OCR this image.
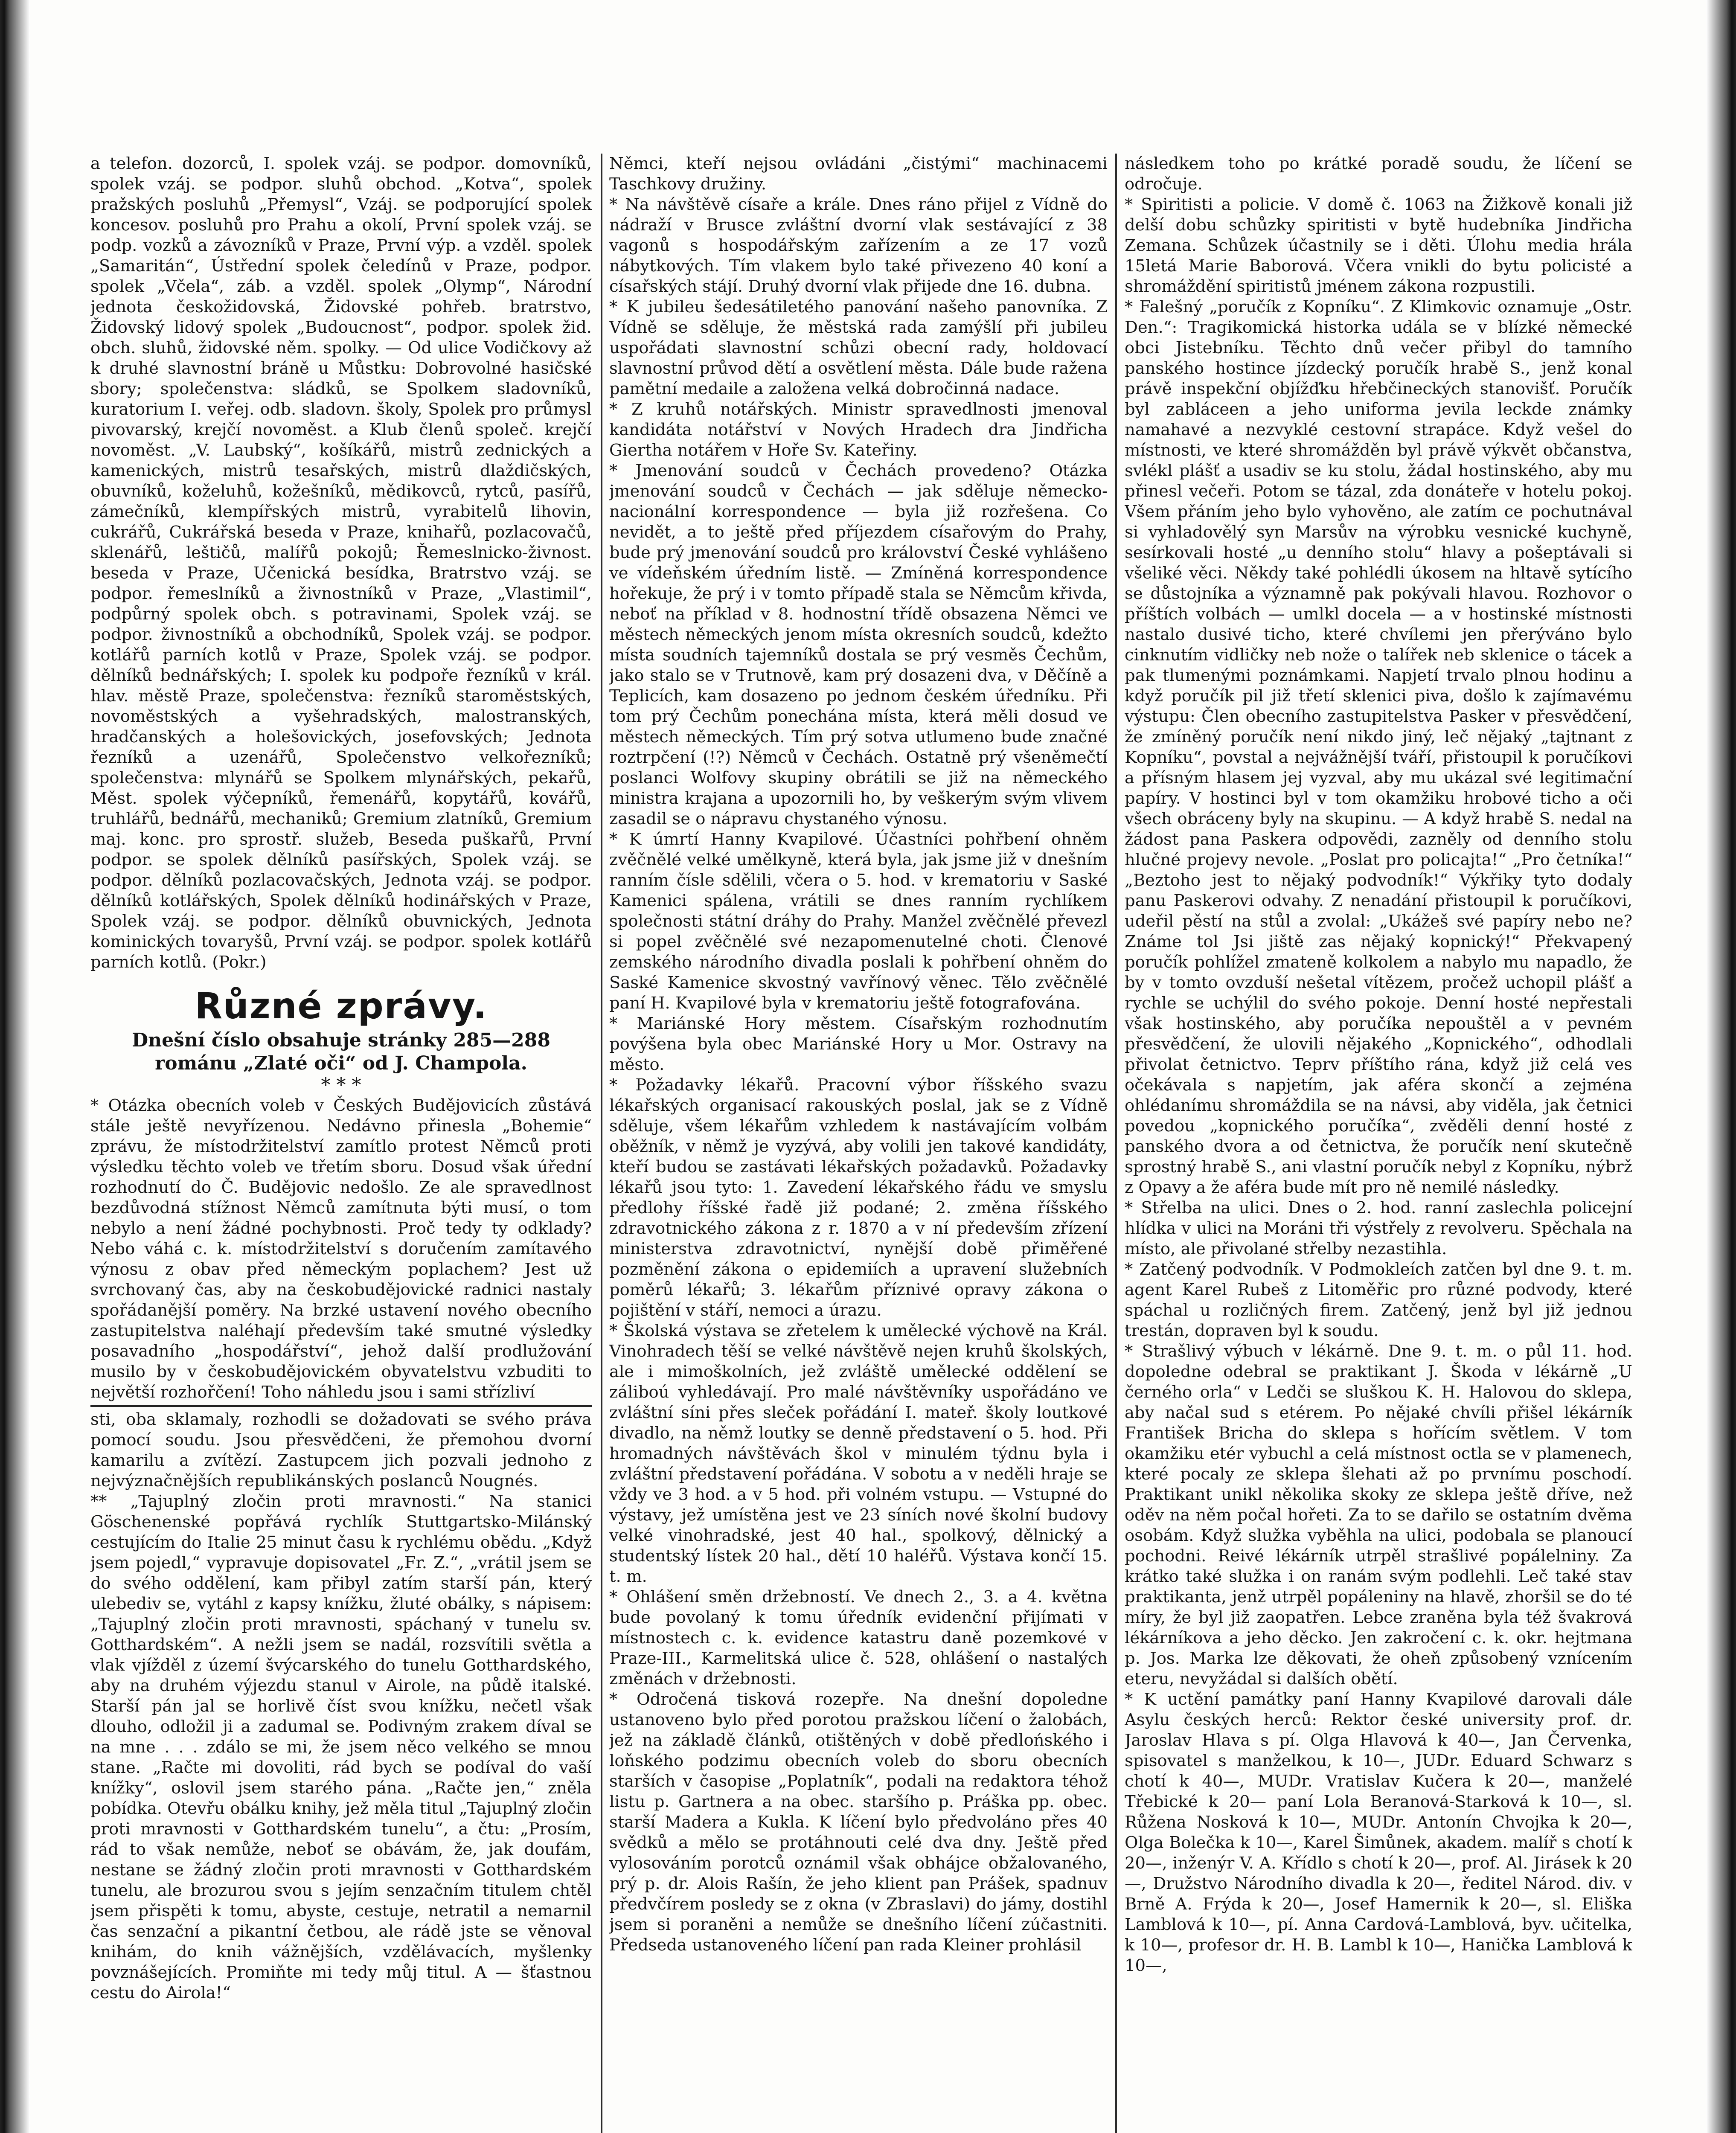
a telefon. dozorců, I. spolek vzáj. se podpor. domovníků, spolek vzáj. se podpor. sluhů obchod. „Kotva“, spolek pražských posluhů „Přemysl“, Vzáj. se podporující spolek koncesov. posluhů pro Prahu a okolí, První spolek vzáj. se podp. vozků a závozníků v Praze, První výp. a vzděl. spolek „Samaritán“, Ústřední spolek čeledínů v Praze, podpor. spolek „Včela“, záb. a vzděl. spolek „Olymp“, Národní jednota českožidovská, Židovské pohřeb. bratrstvo, Židovský lidový spolek „Budoucnost“, podpor. spolek žid. obch. sluhů, židovské něm. spolky. — Od ulice Vodičkovy až k druhé slavnostní bráně u Můstku: Dobrovolné hasičské sbory; společenstva: sládků, se Spolkem sladovníků, kuratorium I. veřej. odb. sladovn. školy, Spolek pro průmysl pivovarský, krejčí novoměst. a Klub členů společ. krejčí novoměst. „V. Laubský“, košíkářů, mistrů zednických a kamenických, mistrů tesařských, mistrů dlaždičských, obuvníků, koželuhů, kožešníků, mědikovců, rytců, pasířů, zámečníků, klempířských mistrů, vyrabitelů lihovin, cukrářů, Cukrářská beseda v Praze, knihařů, pozlacovačů, sklenářů, leštičů, malířů pokojů; Řemeslnicko-živnost. beseda v Praze, Učenická besídka, Bratrstvo vzáj. se podpor. řemeslníků a živnostníků v Praze, „Vlastimil“, podpůrný spolek obch. s potravinami, Spolek vzáj. se podpor. živnostníků a obchodníků, Spolek vzáj. se podpor. kotlářů parních kotlů v Praze, Spolek vzáj. se podpor. dělníků bednářských; I. spolek ku podpoře řezníků v král. hlav. městě Praze, společenstva: řezníků staroměstských, novoměstských a vyšehradských, malostranských, hradčanských a holešovických, josefovských; Jednota řezníků a uzenářů, Společenstvo velkořezníků; společenstva: mlynářů se Spolkem mlynářských, pekařů, Měst. spolek výčepníků, řemenářů, kopytářů, kovářů, truhlářů, bednářů, mechaniků; Gremium zlatníků, Gremium maj. konc. pro sprostř. služeb, Beseda puškařů, První podpor. se spolek dělníků pasířských, Spolek vzáj. se podpor. dělníků pozlacovačských, Jednota vzáj. se podpor. dělníků kotlářských, Spolek dělníků hodinářských v Praze, Spolek vzáj. se podpor. dělníků obuvnických, Jednota kominických tovaryšů, První vzáj. se podpor. spolek kotlářů parních kotlů. (Pokr.)

Různé zprávy.

Dnešní číslo obsahuje stránky 285—288 románu „Zlaté oči“ od J. Champola.

* * *

* Otázka obecních voleb v Českých Budějovicích zůstává stále ještě nevyřízenou. Nedávno přinesla „Bohemie“ zprávu, že místodržitelství zamítlo protest Němců proti výsledku těchto voleb ve třetím sboru. Dosud však úřední rozhodnutí do Č. Budějovic nedošlo. Ze ale spravedlnost bezdůvodná stížnost Němců zamítnuta býti musí, o tom nebylo a není žádné pochybnosti. Proč tedy ty odklady? Nebo váhá c. k. místodržitelství s doručením zamítavého výnosu z obav před německým poplachem? Jest už svrchovaný čas, aby na českobudějovické radnici nastaly spořádanější poměry. Na brzké ustavení nového obecního zastupitelstva naléhají především také smutné výsledky posavadního „hospodářství“, jehož další prodlužování musilo by v českobudějovickém obyvatelstvu vzbuditi to největší rozhořčení! Toho náhledu jsou i sami střízliví

sti, oba sklamaly, rozhodli se dožadovati se svého práva pomocí soudu. Jsou přesvědčeni, že přemohou dvorní kamarilu a zvítězí. Zastupcem jich pozvali jednoho z nejvýznačnějších republikánských poslanců Nougnés.

** „Tajuplný zločin proti mravnosti.“ Na stanici Göschenenské popřává rychlík Stuttgartsko-Milánský cestujícím do Italie 25 minut času k rychlému obědu. „Když jsem pojedl,“ vypravuje dopisovatel „Fr. Z.“, „vrátil jsem se do svého oddělení, kam přibyl zatím starší pán, který ulebediv se, vytáhl z kapsy knížku, žluté obálky, s nápisem: „Tajuplný zločin proti mravnosti, spáchaný v tunelu sv. Gotthardském“. A nežli jsem se nadál, rozsvítili světla a vlak vjížděl z území švýcarského do tunelu Gotthardského, aby na druhém výjezdu stanul v Airole, na půdě italské. Starší pán jal se horlivě číst svou knížku, nečetl však dlouho, odložil ji a zadumal se. Podivným zrakem díval se na mne . . . zdálo se mi, že jsem něco velkého se mnou stane. „Račte mi dovoliti, rád bych se podíval do vaší knížky“, oslovil jsem starého pána. „Račte jen,“ zněla pobídka. Otevřu obálku knihy, jež měla titul „Tajuplný zločin proti mravnosti v Gotthardském tunelu“, a čtu: „Prosím, rád to však nemůže, neboť se obávám, že, jak doufám, nestane se žádný zločin proti mravnosti v Gotthardském tunelu, ale brozurou svou s jejím senzačním titulem chtěl jsem přispěti k tomu, abyste, cestuje, netratil a nemarnil čas senzační a pikantní četbou, ale rádě jste se věnoval knihám, do knih vážnějších, vzdělávacích, myšlenky povznášejících. Promiňte mi tedy můj titul. A — šťastnou cestu do Airola!“

Němci, kteří nejsou ovládáni „čistými“ machinacemi Taschkovy družiny.

* Na návštěvě císaře a krále. Dnes ráno přijel z Vídně do nádraží v Brusce zvláštní dvorní vlak sestávající z 38 vagonů s hospodářským zařízením a ze 17 vozů nábytkových. Tím vlakem bylo také přivezeno 40 koní a císařských stájí. Druhý dvorní vlak přijede dne 16. dubna.

* K jubileu šedesátiletého panování našeho panovníka. Z Vídně se sděluje, že městská rada zamýšlí při jubileu uspořádati slavnostní schůzi obecní rady, holdovací slavnostní průvod dětí a osvětlení města. Dále bude ražena pamětní medaile a založena velká dobročinná nadace.

* Z kruhů notářských. Ministr spravedlnosti jmenoval kandidáta notářství v Nových Hradech dra Jindřicha Giertha notářem v Hoře Sv. Kateřiny.

* Jmenování soudců v Čechách provedeno? Otázka jmenování soudců v Čechách — jak sděluje německo-nacionální korrespondence — byla již rozřešena. Co nevidět, a to ještě před příjezdem císařovým do Prahy, bude prý jmenování soudců pro království České vyhlášeno ve vídeňském úředním listě. — Zmíněná korrespondence hořekuje, že prý i v tomto případě stala se Němcům křivda, neboť na příklad v 8. hodnostní třídě obsazena Němci ve městech německých jenom místa okresních soudců, kdežto místa soudních tajemníků dostala se prý vesměs Čechům, jako stalo se v Trutnově, kam prý dosazeni dva, v Děčíně a Teplicích, kam dosazeno po jednom českém úředníku. Při tom prý Čechům ponechána místa, která měli dosud ve městech německých. Tím prý sotva utlumeno bude značné roztrpčení (!?) Němců v Čechách. Ostatně prý všeněmečtí poslanci Wolfovy skupiny obrátili se již na německého ministra krajana a upozornili ho, by veškerým svým vlivem zasadil se o nápravu chystaného výnosu.

* K úmrtí Hanny Kvapilové. Účastníci pohřbení ohněm zvěčnělé velké umělkyně, která byla, jak jsme již v dnešním ranním čísle sdělili, včera o 5. hod. v krematoriu v Saské Kamenici spálena, vrátili se dnes ranním rychlíkem společnosti státní dráhy do Prahy. Manžel zvěčnělé převezl si popel zvěčnělé své nezapomenutelné choti. Členové zemského národního divadla poslali k pohřbení ohněm do Saské Kamenice skvostný vavřínový věnec. Tělo zvěčnělé paní H. Kvapilové byla v krematoriu ještě fotografována.

* Mariánské Hory městem. Císařským rozhodnutím povýšena byla obec Mariánské Hory u Mor. Ostravy na město.

* Požadavky lékařů. Pracovní výbor říšského svazu lékařských organisací rakouských poslal, jak se z Vídně sděluje, všem lékařům vzhledem k nastávajícím volbám oběžník, v němž je vyzývá, aby volili jen takové kandidáty, kteří budou se zastávati lékařských požadavků. Požadavky lékařů jsou tyto: 1. Zavedení lékařského řádu ve smyslu předlohy říšské řadě již podané; 2. změna říšského zdravotnického zákona z r. 1870 a v ní především zřízení ministerstva zdravotnictví, nynější době přiměřené pozměnění zákona o epidemiích a upravení služebních poměrů lékařů; 3. lékařům příznivé opravy zákona o pojištění v stáří, nemoci a úrazu.

* Školská výstava se zřetelem k umělecké výchově na Král. Vinohradech těší se velké návštěvě nejen kruhů školských, ale i mimoškolních, jež zvláště umělecké oddělení se záliboú vyhledávají. Pro malé návštěvníky uspořádáno ve zvláštní síni přes sleček pořádání I. mateř. školy loutkové divadlo, na němž loutky se denně představení o 5. hod. Při hromadných návštěvách škol v minulém týdnu byla i zvláštní představení pořádána. V sobotu a v neděli hraje se vždy ve 3 hod. a v 5 hod. při volném vstupu. — Vstupné do výstavy, jež umístěna jest ve 23 síních nové školní budovy velké vinohradské, jest 40 hal., spolkový, dělnický a studentský lístek 20 hal., dětí 10 haléřů. Výstava končí 15. t. m.

* Ohlášení směn držebností. Ve dnech 2., 3. a 4. května bude povolaný k tomu úředník evidenční přijímati v místnostech c. k. evidence katastru daně pozemkové v Praze-III., Karmelitská ulice č. 528, ohlášení o nastalých změnách v držebnosti.

* Odročená tisková rozepře. Na dnešní dopoledne ustanoveno bylo před porotou pražskou líčení o žalobách, jež na základě článků, otištěných v době předlońského i loňského podzimu obecních voleb do sboru obecních starších v časopise „Poplatník“, podali na redaktora téhož listu p. Gartnera a na obec. staršího p. Práška pp. obec. starší Madera a Kukla. K líčení bylo předvoláno přes 40 svědků a mělo se protáhnouti celé dva dny. Ještě před vylosováním porotců oznámil však obhájce obžalovaného, prý p. dr. Alois Rašín, že jeho klient pan Prášek, spadnuv předvčírem posledy se z okna (v Zbraslavi) do jámy, dostihl jsem si poraněni a nemůže se dnešního líčení zúčastniti. Předseda ustanoveného líčení pan rada Kleiner prohlásil

následkem toho po krátké poradě soudu, že líčení se odročuje.

* Spiritisti a policie. V domě č. 1063 na Žižkově konali již delší dobu schůzky spiritisti v bytě hudebníka Jindřicha Zemana. Schůzek účastnily se i děti. Úlohu media hrála 15letá Marie Baborová. Včera vnikli do bytu policisté a shromáždění spiritistů jménem zákona rozpustili.

* Falešný „poručík z Kopníku“. Z Klimkovic oznamuje „Ostr. Den.“: Tragikomická historka udála se v blízké německé obci Jistebníku. Těchto dnů večer přibyl do tamního panského hostince jízdecký poručík hrabě S., jenž konal právě inspekční objížďku hřebčineckých stanovišť. Poručík byl zabláceen a jeho uniforma jevila leckde známky namahavé a nezvyklé cestovní strapáce. Když vešel do místnosti, ve které shromážděn byl právě výkvět občanstva, svlékl plášť a usadiv se ku stolu, žádal hostinského, aby mu přinesl večeři. Potom se tázal, zda donáteře v hotelu pokoj. Všem přáním jeho bylo vyhověno, ale zatím ce pochutnával si vyhladovělý syn Marsův na výrobku vesnické kuchyně, sesírkovali hosté „u denního stolu“ hlavy a pošeptávali si všeliké věci. Někdy také pohlédli úkosem na hltavě sytícího se důstojníka a významně pak pokývali hlavou. Rozhovor o příštích volbách — umlkl docela — a v hostinské místnosti nastalo dusivé ticho, které chvílemi jen přerýváno bylo cinknutím vidličky neb nože o talířek neb sklenice o tácek a pak tlumenými poznámkami. Napjetí trvalo plnou hodinu a když poručík pil již třetí sklenici piva, došlo k zajímavému výstupu: Člen obecního zastupitelstva Pasker v přesvědčení, že zmíněný poručík není nikdo jiný, leč nějaký „tajtnant z Kopníku“, povstal a nejvážnější tváří, přistoupil k poručíkovi a přísným hlasem jej vyzval, aby mu ukázal své legitimační papíry. V hostinci byl v tom okamžiku hrobové ticho a oči všech obráceny byly na skupinu. — A když hrabě S. nedal na žádost pana Paskera odpovědi, zazněly od denního stolu hlučné projevy nevole. „Poslat pro policajta!“ „Pro četníka!“ „Beztoho jest to nějaký podvodník!“ Výkřiky tyto dodaly panu Paskerovi odvahy. Z nenadání přistoupil k poručíkovi, udeřil pěstí na stůl a zvolal: „Ukážeš své papíry nebo ne? Známe tol Jsi jiště zas nějaký kopnický!“ Překvapený poručík pohlížel zmateně kolkolem a nabylo mu napadlo, že by v tomto ovzduší nešetal vítězem, pročež uchopil plášť a rychle se uchýlil do svého pokoje. Denní hosté nepřestali však hostinského, aby poručíka nepouštěl a v pevném přesvědčení, že ulovili nějakého „Kopnického“, odhodlali přivolat četnictvo. Teprv příštího rána, když již celá ves očekávala s napjetím, jak aféra skončí a zejména ohlédanímu shromáždila se na návsi, aby viděla, jak četnici povedou „kopnického poručíka“, zvěděli denní hosté z panského dvora a od četnictva, že poručík není skutečně sprostný hrabě S., ani vlastní poručík nebyl z Kopníku, nýbrž z Opavy a že aféra bude mít pro ně nemilé následky.

* Střelba na ulici. Dnes o 2. hod. ranní zaslechla policejní hlídka v ulici na Moráni tři výstřely z revolveru. Spěchala na místo, ale přivolané střelby nezastihla.

* Zatčený podvodník. V Podmokleích zatčen byl dne 9. t. m. agent Karel Rubeš z Litoměřic pro různé podvody, které spáchal u rozličných firem. Zatčený, jenž byl již jednou trestán, dopraven byl k soudu.

* Strašlivý výbuch v lékárně. Dne 9. t. m. o půl 11. hod. dopoledne odebral se praktikant J. Škoda v lékárně „U černého orla“ v Ledči se sluškou K. H. Halovou do sklepa, aby načal sud s etérem. Po nějaké chvíli přišel lékárník František Bricha do sklepa s hořícím světlem. V tom okamžiku etér vybuchl a celá místnost octla se v plamenech, které pocaly ze sklepa šlehati až po prvnímu poschodí. Praktikant unikl několika skoky ze sklepa ještě dříve, než oděv na něm počal hořeti. Za to se dařilo se ostatním dvěma osobám. Když služka vyběhla na ulici, podobala se planoucí pochodni. Reivé lékárník utrpěl strašlivé popálelniny. Za krátko také služka i on ranám svým podlehli. Leč také stav praktikanta, jenž utrpěl popáleniny na hlavě, zhoršil se do té míry, že byl již zaopatřen. Lebce zraněna byla též švakrová lékárníkova a jeho děcko. Jen zakročení c. k. okr. hejtmana p. Jos. Marka lze děkovati, že oheň způsobený vznícením eteru, nevyžádal si dalších obětí.

* K uctění památky paní Hanny Kvapilové darovali dále Asylu českých herců: Rektor české university prof. dr. Jaroslav Hlava s pí. Olga Hlavová k 40—, Jan Červenka, spisovatel s manželkou, k 10—, JUDr. Eduard Schwarz s chotí k 40—, MUDr. Vratislav Kučera k 20—, manželé Třebické k 20— paní Lola Beranová-Starková k 10—, sl. Růžena Nosková k 10—, MUDr. Antonín Chvojka k 20—, Olga Bolečka k 10—, Karel Šimůnek, akadem. malíř s chotí k 20—, inženýr V. A. Křídlo s chotí k 20—, prof. Al. Jirásek k 20—, Družstvo Národního divadla k 20—, ředitel Národ. div. v Brně A. Frýda k 20—, Josef Hamernik k 20—, sl. Eliška Lamblová k 10—, pí. Anna Cardová-Lamblová, byv. učitelka, k 10—, profesor dr. H. B. Lambl k 10—, Hanička Lamblová k 10—,
